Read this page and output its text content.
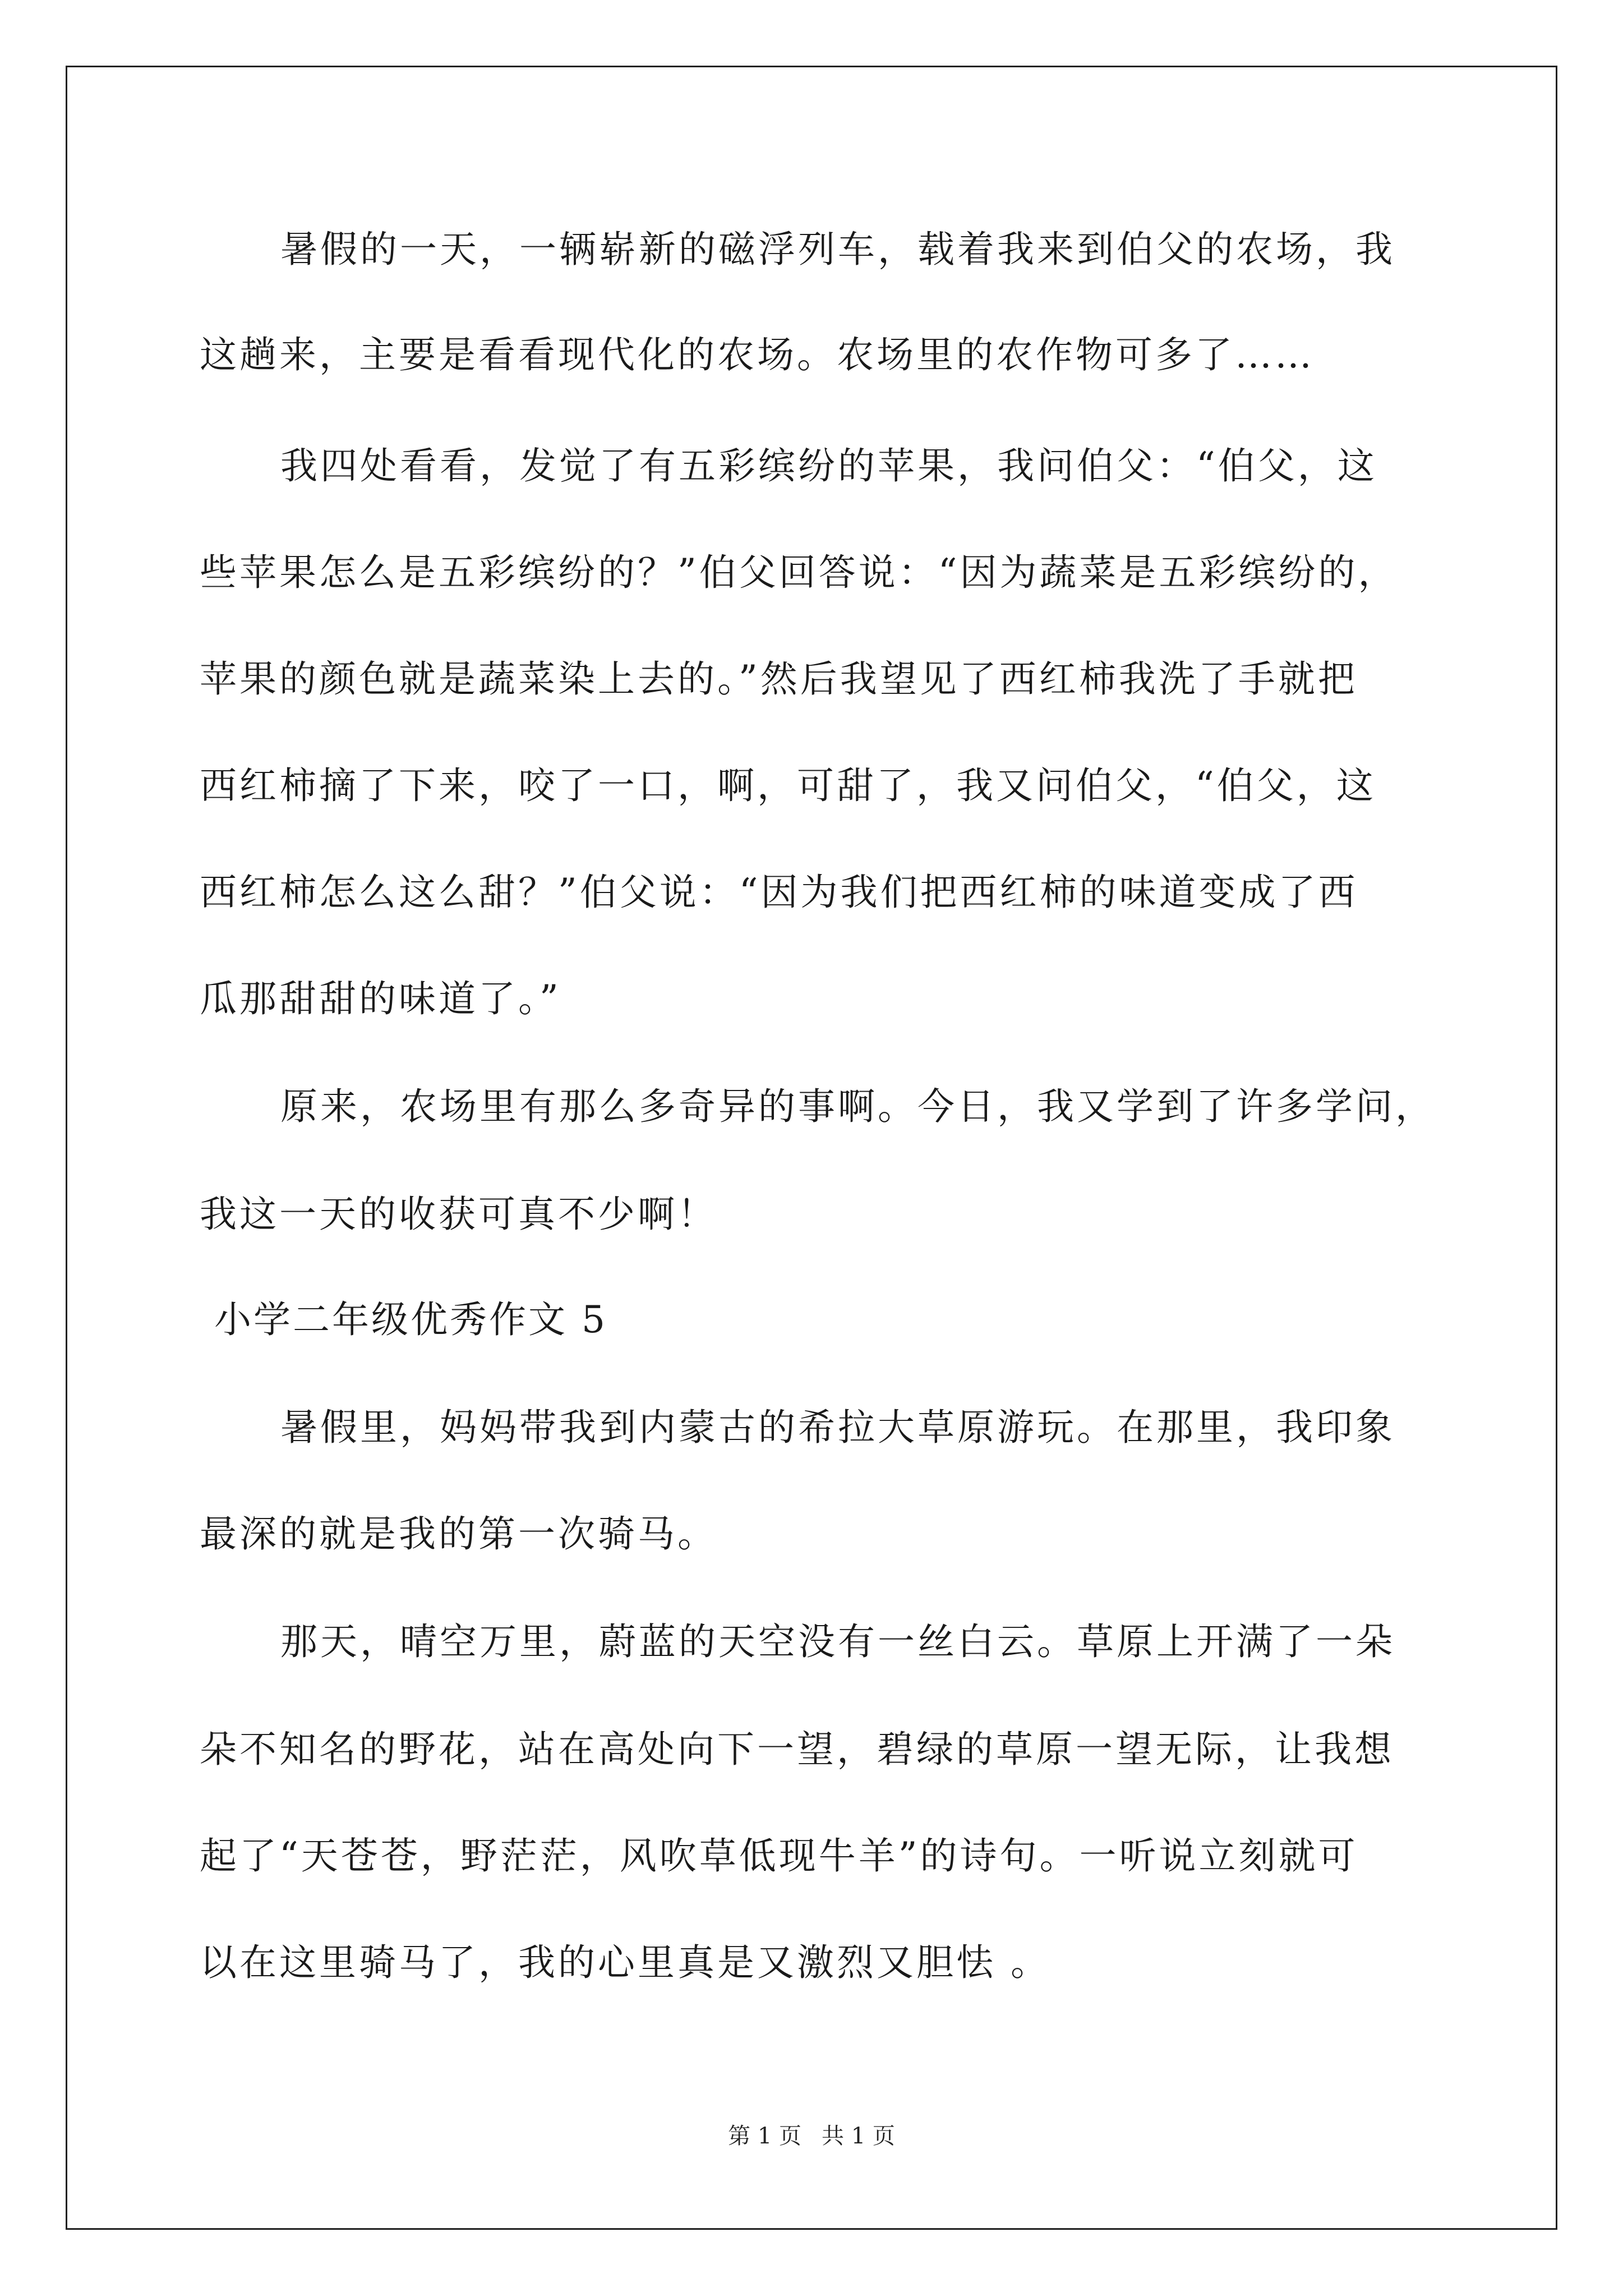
暑假的一天，一辆崭新的磁浮列车，载着我来到伯父的农场，我
这趟来，主要是看看现代化的农场。农场里的农作物可多了……
我四处看看，发觉了有五彩缤纷的苹果，我问伯父：“伯父，这
些苹果怎么是五彩缤纷的？”伯父回答说：“因为蔬菜是五彩缤纷的，
苹果的颜色就是蔬菜染上去的。”然后我望见了西红柿我洗了手就把
西红柿摘了下来，咬了一口，啊，可甜了，我又问伯父，“伯父，这
西红柿怎么这么甜？”伯父说：“因为我们把西红柿的味道变成了西
瓜那甜甜的味道了。”
原来，农场里有那么多奇异的事啊。今日，我又学到了许多学问，
我这一天的收获可真不少啊！
小学二年级优秀作文 5
暑假里，妈妈带我到内蒙古的希拉大草原游玩。在那里，我印象
最深的就是我的第一次骑马。
那天，晴空万里，蔚蓝的天空没有一丝白云。草原上开满了一朵
朵不知名的野花，站在高处向下一望，碧绿的草原一望无际，让我想
起了“天苍苍，野茫茫，风吹草低现牛羊”的诗句。一听说立刻就可
以在这里骑马了，我的心里真是又激烈又胆怯 。
第 1 页 共 1 页
